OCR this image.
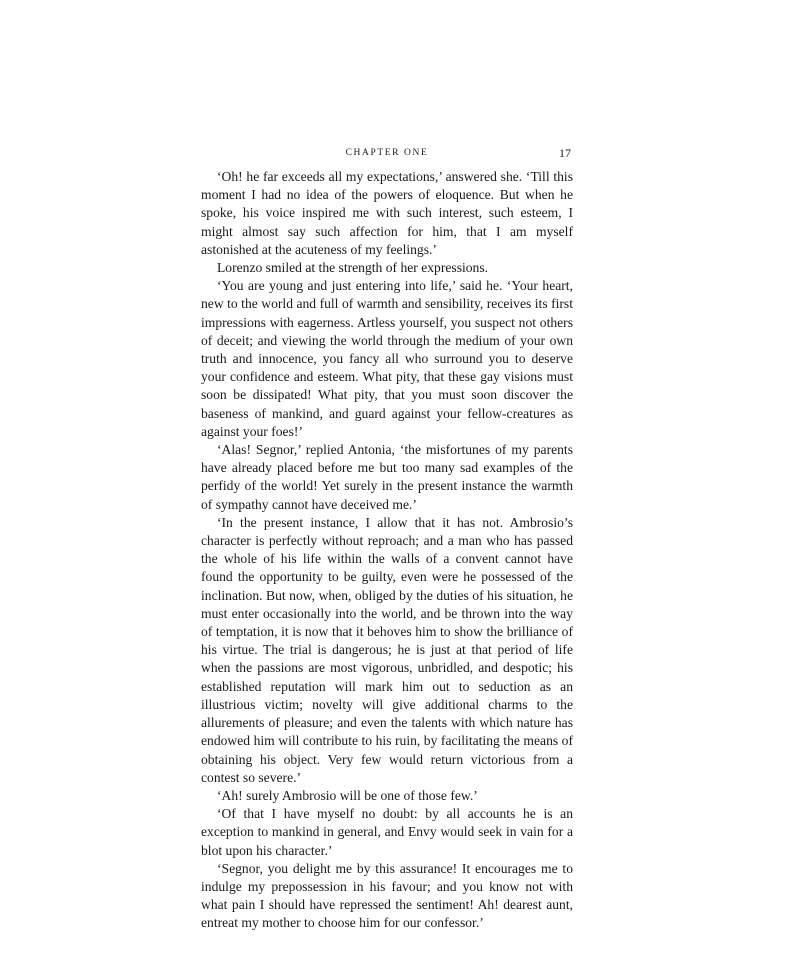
CHAPTER ONE	17

‘Oh! he far exceeds all my expectations,’ answered she. ‘Till this moment I had no idea of the powers of eloquence. But when he spoke, his voice inspired me with such interest, such esteem, I might almost say such affection for him, that I am myself astonished at the acuteness of my feelings.’

Lorenzo smiled at the strength of her expressions.

‘You are young and just entering into life,’ said he. ‘Your heart, new to the world and full of warmth and sensibility, receives its first impressions with eagerness. Artless yourself, you suspect not others of deceit; and viewing the world through the medium of your own truth and innocence, you fancy all who surround you to deserve your confidence and esteem. What pity, that these gay visions must soon be dissipated! What pity, that you must soon discover the baseness of mankind, and guard against your fellow-creatures as against your foes!’

‘Alas! Segnor,’ replied Antonia, ‘the misfortunes of my parents have already placed before me but too many sad examples of the perfidy of the world! Yet surely in the present instance the warmth of sympathy cannot have deceived me.’

‘In the present instance, I allow that it has not. Ambrosio’s character is perfectly without reproach; and a man who has passed the whole of his life within the walls of a convent cannot have found the opportunity to be guilty, even were he possessed of the inclination. But now, when, obliged by the duties of his situation, he must enter occasionally into the world, and be thrown into the way of temptation, it is now that it behoves him to show the brilliance of his virtue. The trial is dangerous; he is just at that period of life when the passions are most vigorous, unbridled, and despotic; his established reputation will mark him out to seduction as an illustrious victim; novelty will give additional charms to the allurements of pleasure; and even the talents with which nature has endowed him will contribute to his ruin, by facilitating the means of obtaining his object. Very few would return victorious from a contest so severe.’

‘Ah! surely Ambrosio will be one of those few.’

‘Of that I have myself no doubt: by all accounts he is an exception to mankind in general, and Envy would seek in vain for a blot upon his character.’

‘Segnor, you delight me by this assurance! It encourages me to indulge my prepossession in his favour; and you know not with what pain I should have repressed the sentiment! Ah! dearest aunt, entreat my mother to choose him for our confessor.’
